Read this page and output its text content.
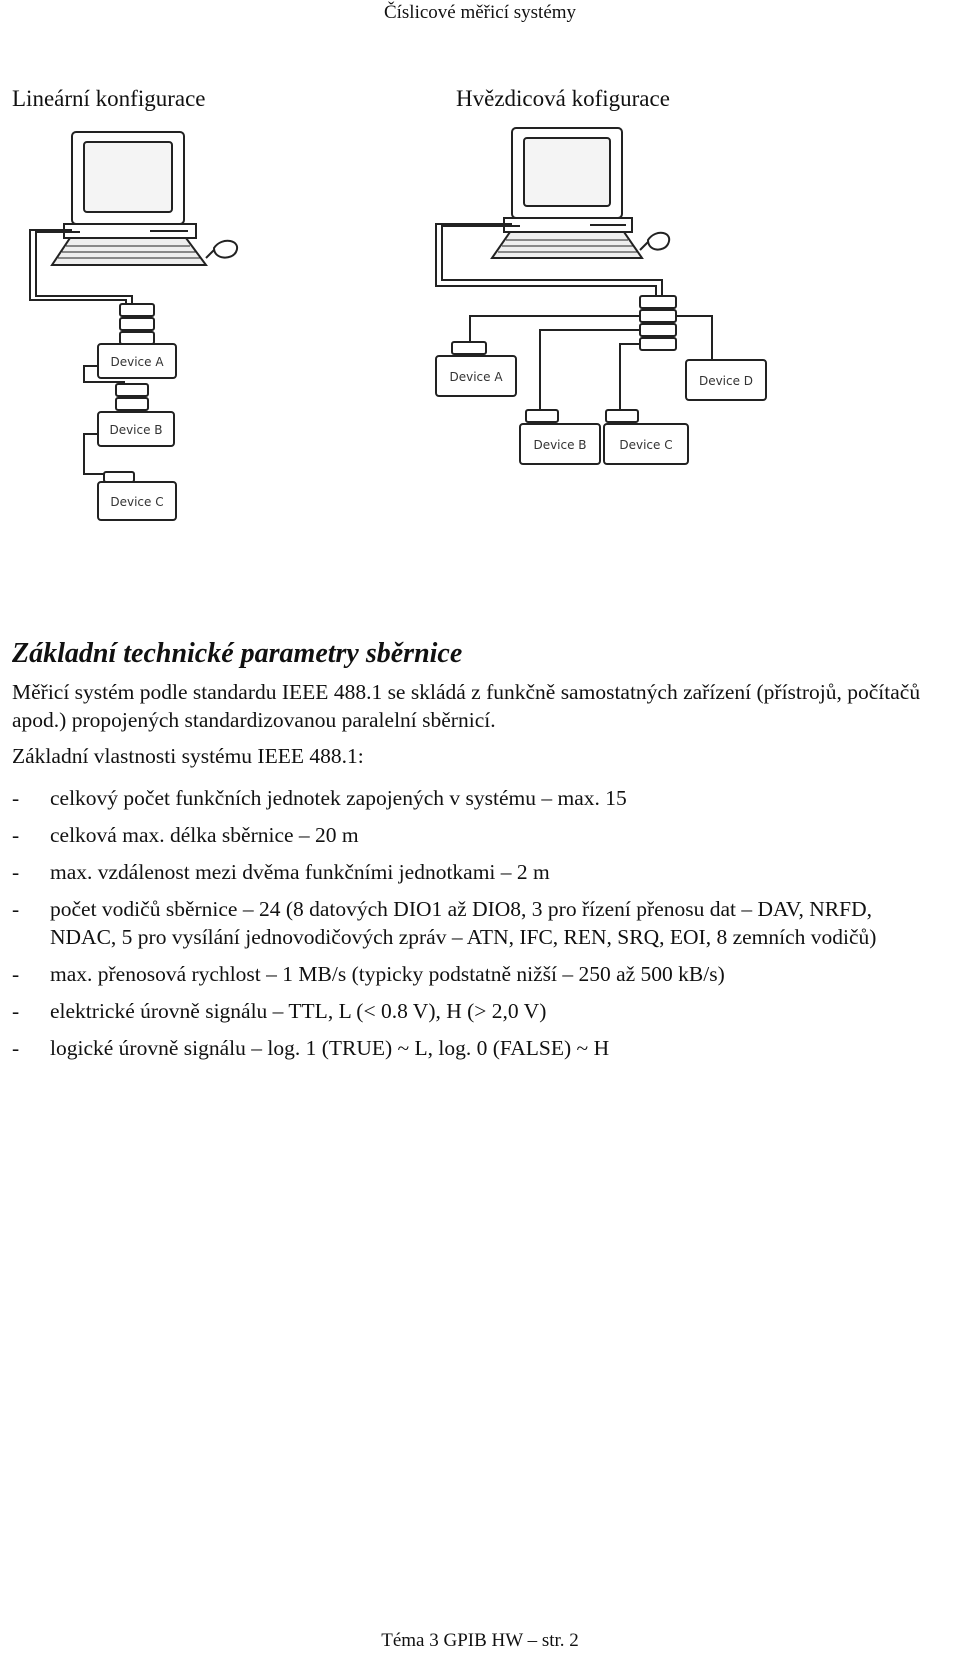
Číslicové měřicí systémy
Lineární konfigurace	Hvězdicová kofigurace
Device A
Device B
Device C
Device A
Device B	Device C
Device D
Základní technické parametry sběrnice
Měřicí systém podle standardu IEEE 488.1 se skládá z funkčně samostatných zařízení (přístrojů, počítačů apod.) propojených standardizovanou paralelní sběrnicí.
Základní vlastnosti systému IEEE 488.1:
- celkový počet funkčních jednotek zapojených v systému – max. 15
- celková max. délka sběrnice – 20 m
- max. vzdálenost mezi dvěma funkčními jednotkami – 2 m
- počet vodičů sběrnice – 24 (8 datových DIO1 až DIO8, 3 pro řízení přenosu dat – DAV, NRFD, NDAC, 5 pro vysílání jednovodičových zpráv – ATN, IFC, REN, SRQ, EOI, 8 zemních vodičů)
- max. přenosová rychlost – 1 MB/s (typicky podstatně nižší – 250 až 500 kB/s)
- elektrické úrovně signálu – TTL, L (< 0.8 V), H (> 2,0 V)
- logické úrovně signálu – log. 1 (TRUE) ~ L, log. 0 (FALSE) ~ H
Téma 3 GPIB HW – str. 2
